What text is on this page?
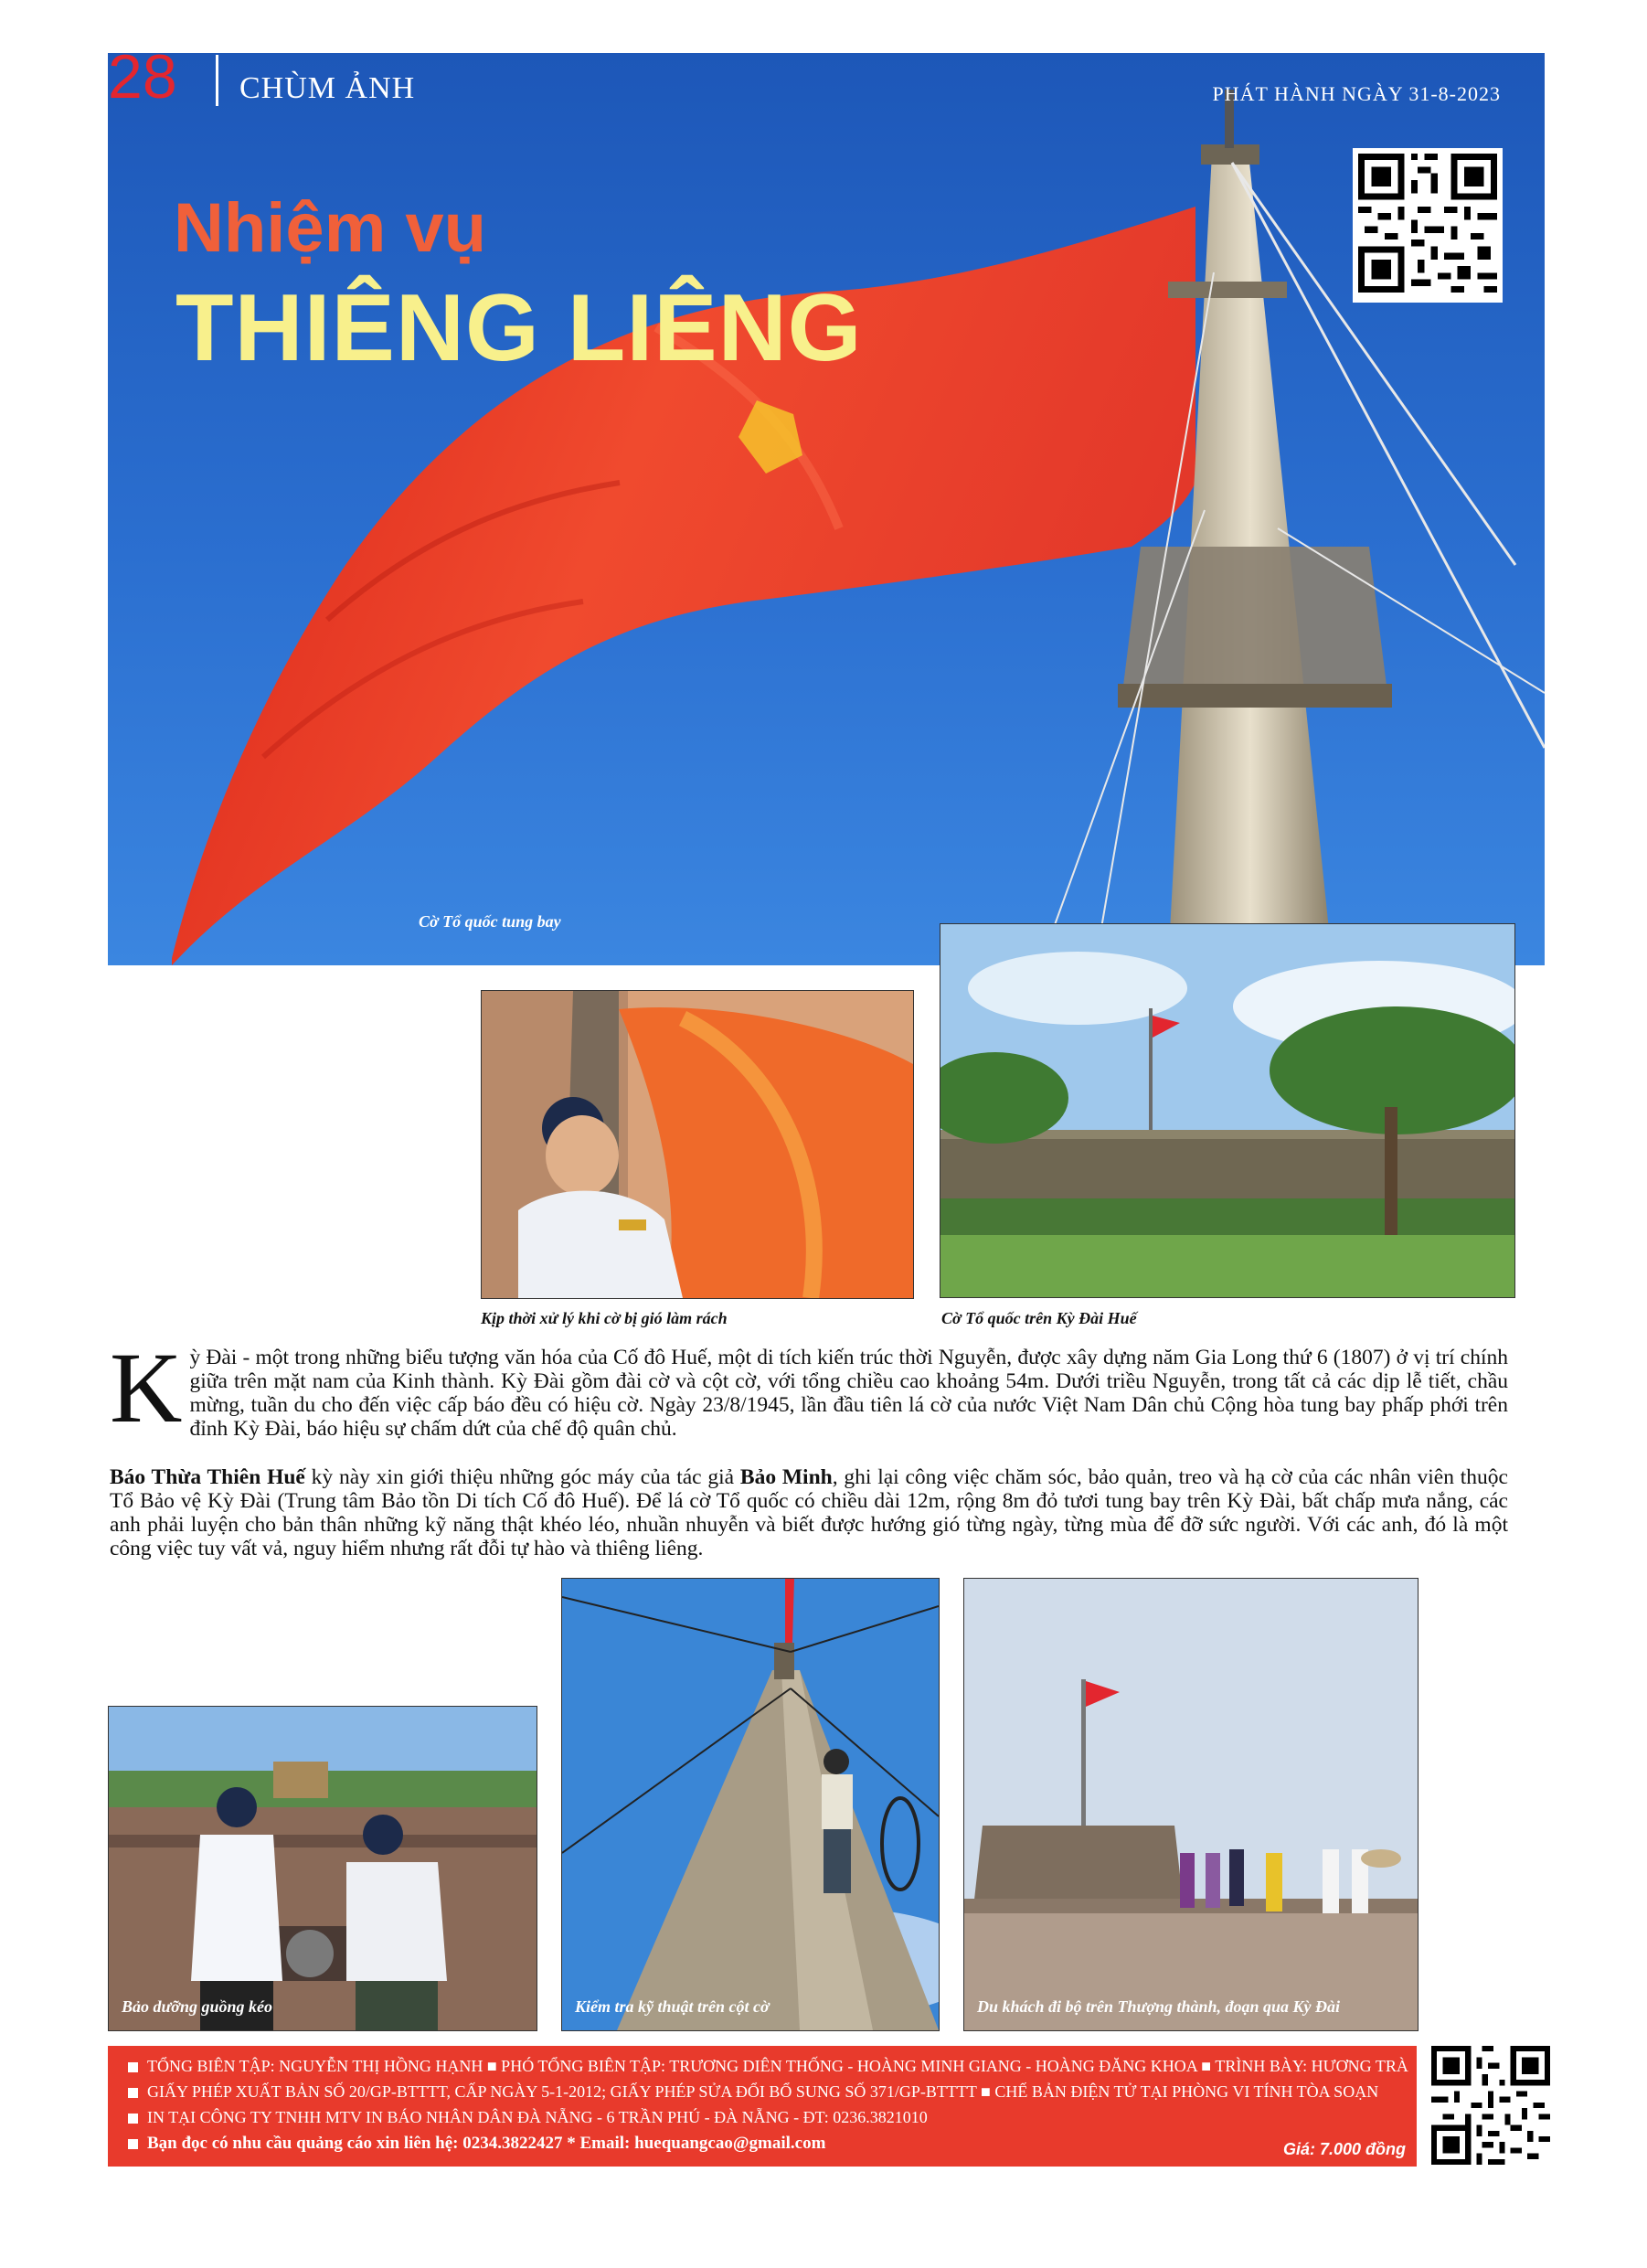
Cờ Tổ quốc tung bay
28 CHÙM ẢNH	PHÁT HÀNH NGÀY 31-8-2023
Nhiệm vụ
THIÊNG LIÊNG
Kịp thời xử lý khi cờ bị gió làm rách	Cờ Tổ quốc trên Kỳ Đài Huế
Kỳ Đài - một trong những biểu tượng văn hóa của Cố đô Huế, một di tích kiến trúc thời Nguyễn, được xây dựng năm Gia Long thứ 6 (1807) ở vị trí chính giữa trên mặt nam của Kinh thành. Kỳ Đài gồm đài cờ và cột cờ, với tổng chiều cao khoảng 54m. Dưới triều Nguyễn, trong tất cả các dịp lễ tiết, chầu mừng, tuần du cho đến việc cấp báo đều có hiệu cờ. Ngày 23/8/1945, lần đầu tiên lá cờ của nước Việt Nam Dân chủ Cộng hòa tung bay phấp phới trên đỉnh Kỳ Đài, báo hiệu sự chấm dứt của chế độ quân chủ.
Báo Thừa Thiên Huế kỳ này xin giới thiệu những góc máy của tác giả Bảo Minh, ghi lại công việc chăm sóc, bảo quản, treo và hạ cờ của các nhân viên thuộc Tổ Bảo vệ Kỳ Đài (Trung tâm Bảo tồn Di tích Cố đô Huế). Để lá cờ Tổ quốc có chiều dài 12m, rộng 8m đỏ tươi tung bay trên Kỳ Đài, bất chấp mưa nắng, các anh phải luyện cho bản thân những kỹ năng thật khéo léo, nhuần nhuyễn và biết được hướng gió từng ngày, từng mùa để đỡ sức người. Với các anh, đó là một công việc tuy vất vả, nguy hiểm nhưng rất đỗi tự hào và thiêng liêng.
Bảo dưỡng guồng kéo	Kiểm tra kỹ thuật trên cột cờ	Du khách đi bộ trên Thượng thành, đoạn qua Kỳ Đài
TỔNG BIÊN TẬP: NGUYỄN THỊ HỒNG HẠNH ■ PHÓ TỔNG BIÊN TẬP: TRƯƠNG DIÊN THỐNG - HOÀNG MINH GIANG - HOÀNG ĐĂNG KHOA ■ TRÌNH BÀY: HƯƠNG TRÀ
GIẤY PHÉP XUẤT BẢN SỐ 20/GP-BTTTT, CẤP NGÀY 5-1-2012; GIẤY PHÉP SỬA ĐỔI BỔ SUNG SỐ 371/GP-BTTTT ■ CHẾ BẢN ĐIỆN TỬ TẠI PHÒNG VI TÍNH TÒA SOẠN
IN TẠI CÔNG TY TNHH MTV IN BÁO NHÂN DÂN ĐÀ NẴNG - 6 TRẦN PHÚ - ĐÀ NẴNG - ĐT: 0236.3821010
Bạn đọc có nhu cầu quảng cáo xin liên hệ: 0234.3822427 * Email: huequangcao@gmail.com	Giá: 7.000 đồng
